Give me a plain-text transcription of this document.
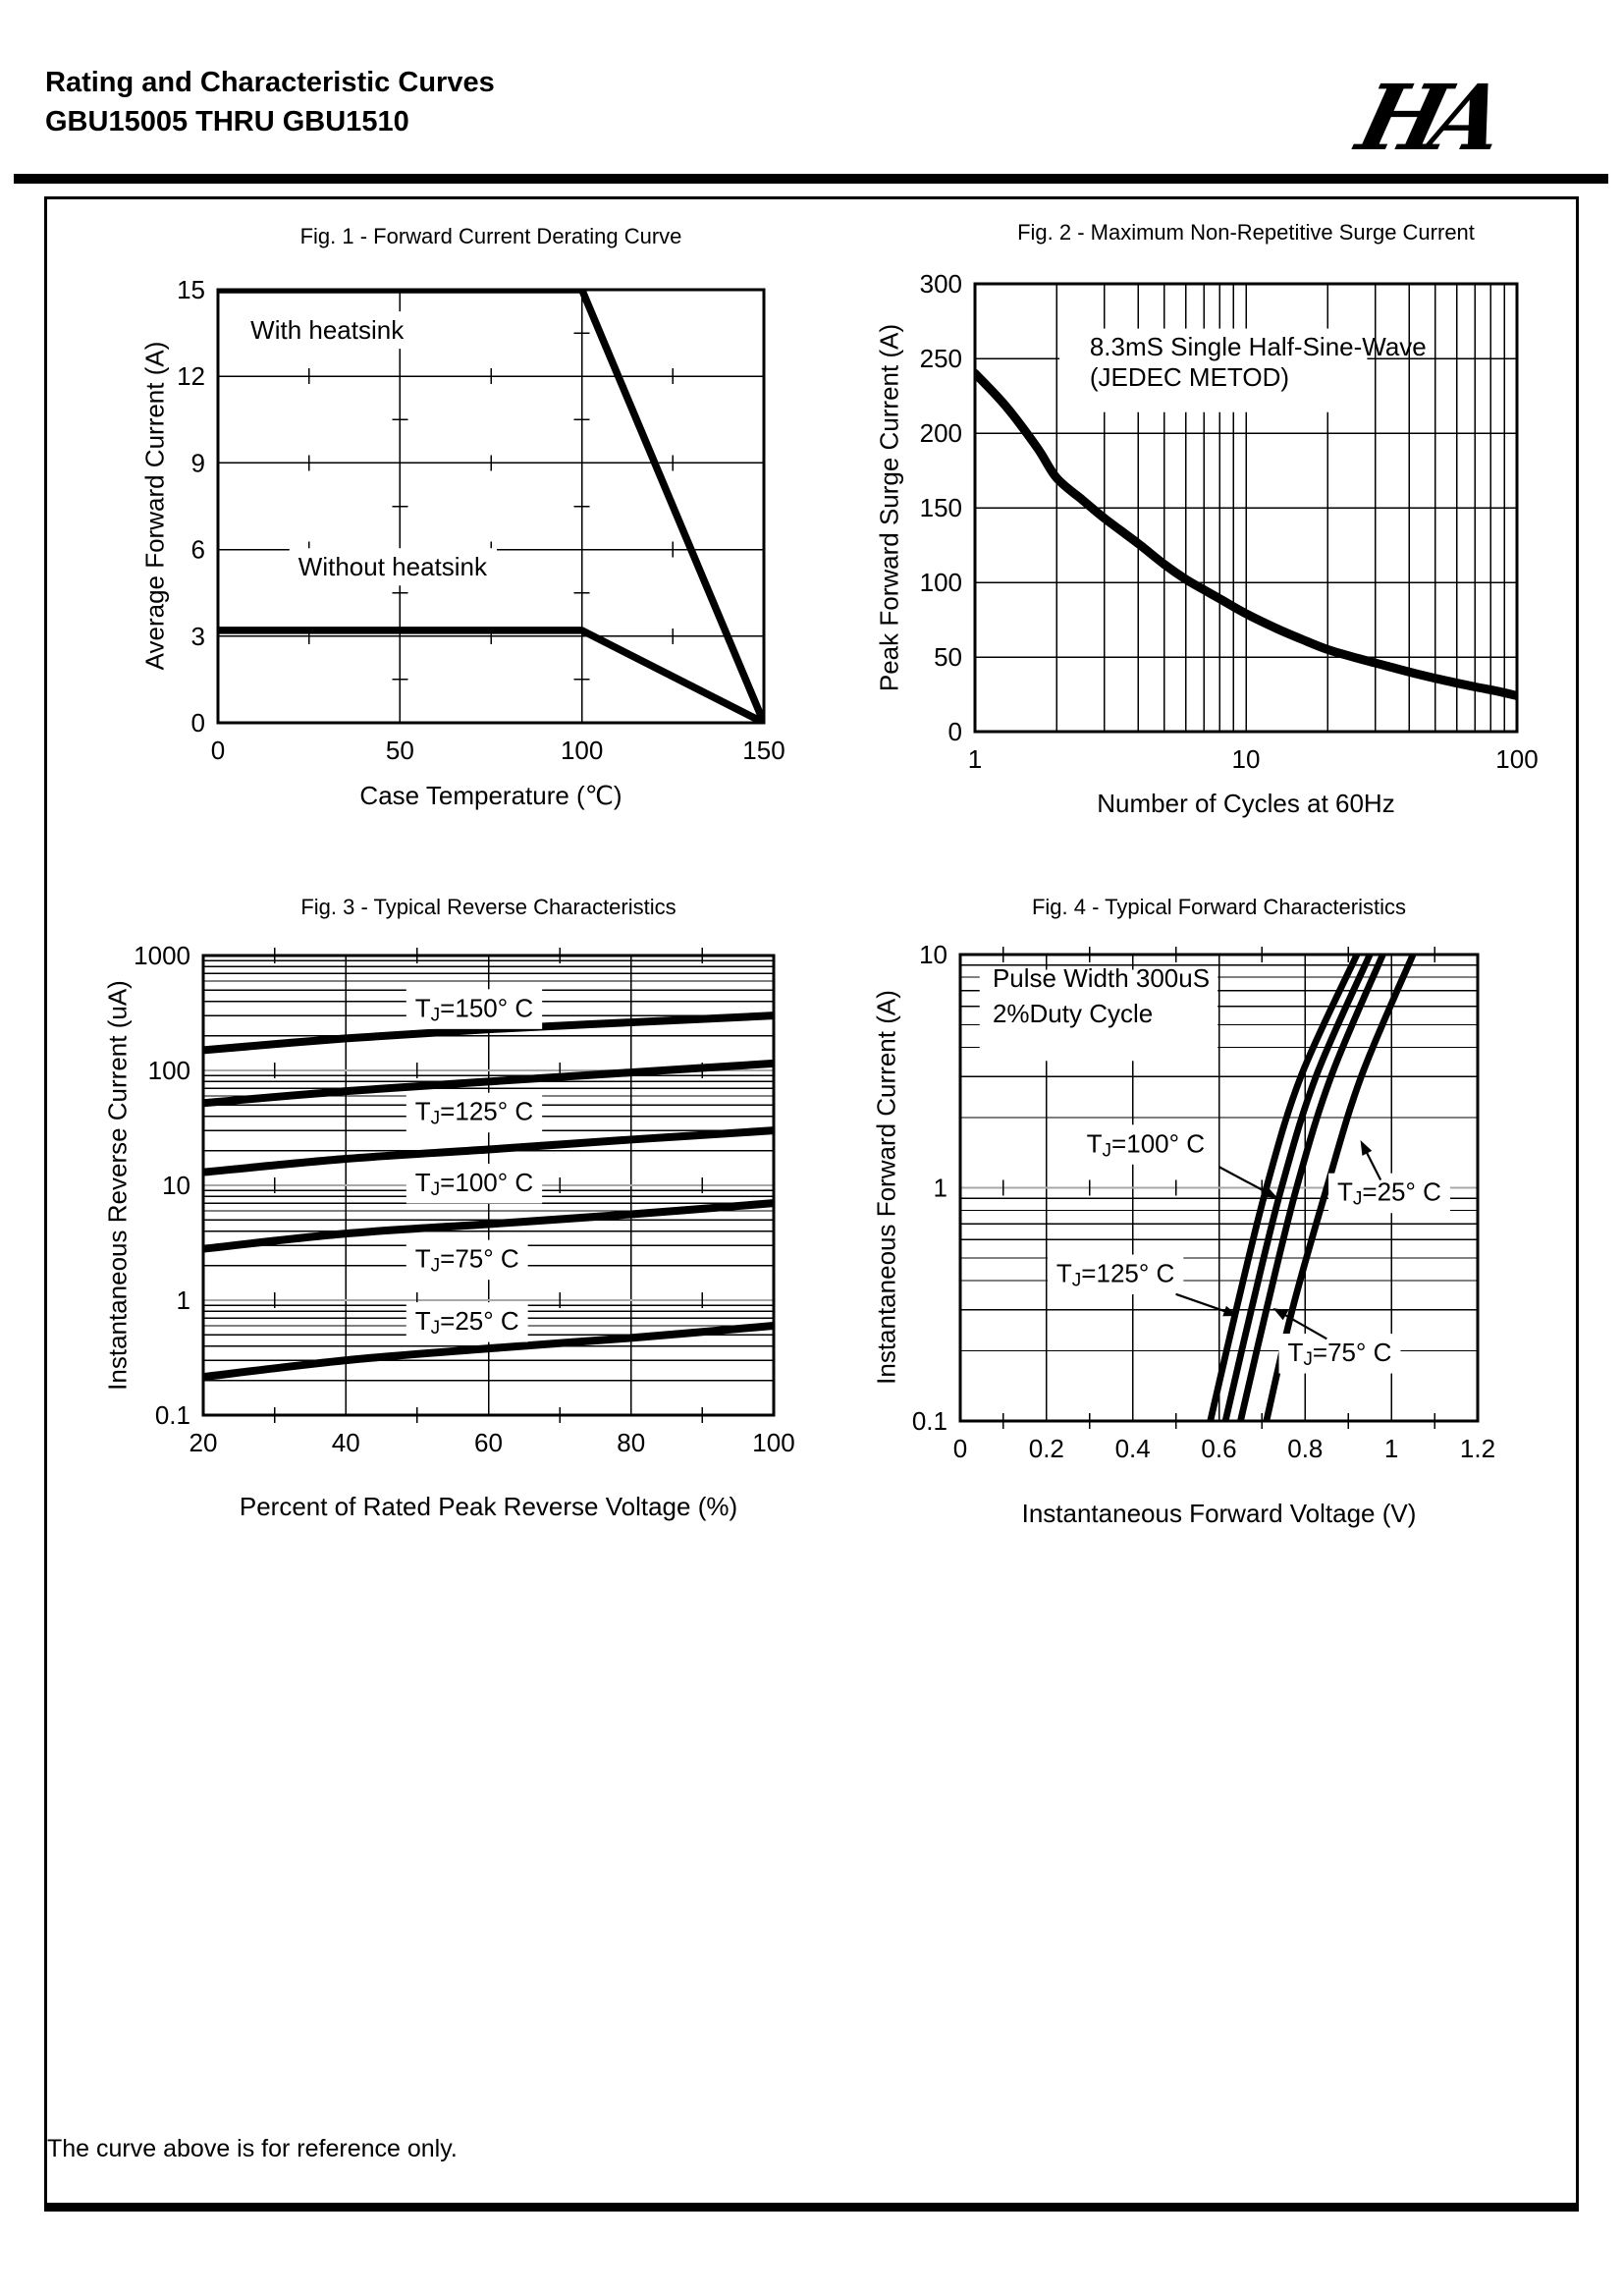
Rating and Characteristic Curves
GBU15005 THRU GBU1510	HA
Fig. 1 - Forward Current Derating Curve	Fig. 2 - Maximum Non-Repetitive Surge Current
Fig. 3 - Typical Reverse Characteristics	Fig. 4 - Typical Forward Characteristics
Case Temperature (℃)	Number of Cycles at 60Hz
Percent of Rated Peak Reverse Voltage (%)	Instantaneous Forward Voltage (V)
Average Forward Current (A)	Peak Forward Surge Current (A)
Instantaneous Reverse Current (uA)	Instantaneous Forward Current (A)
With heatsink
Without heatsink
0	50	100	150
0
3
6
9
12
15
8.3mS Single Half-Sine-Wave (JEDEC METOD)
1	10	100
0
50
100
150
200
250
300
$T_J=150^\circ$ C
$T_J=125^\circ$ C
$T_J=100^\circ$ C
$T_J=75^\circ$ C
$T_J=25^\circ$ C
20	40	60	80	100
0.1
1
10
100
1000
Pulse Width 300uS 2%Duty Cycle
$T_J=100^\circ$ C
$T_J=25^\circ$ C
$T_J=125^\circ$ C
$T_J=75^\circ$ C
0 0.2 0.4 0.6 0.8 1 1.2
0.1
1
10
The curve above is for reference only.
